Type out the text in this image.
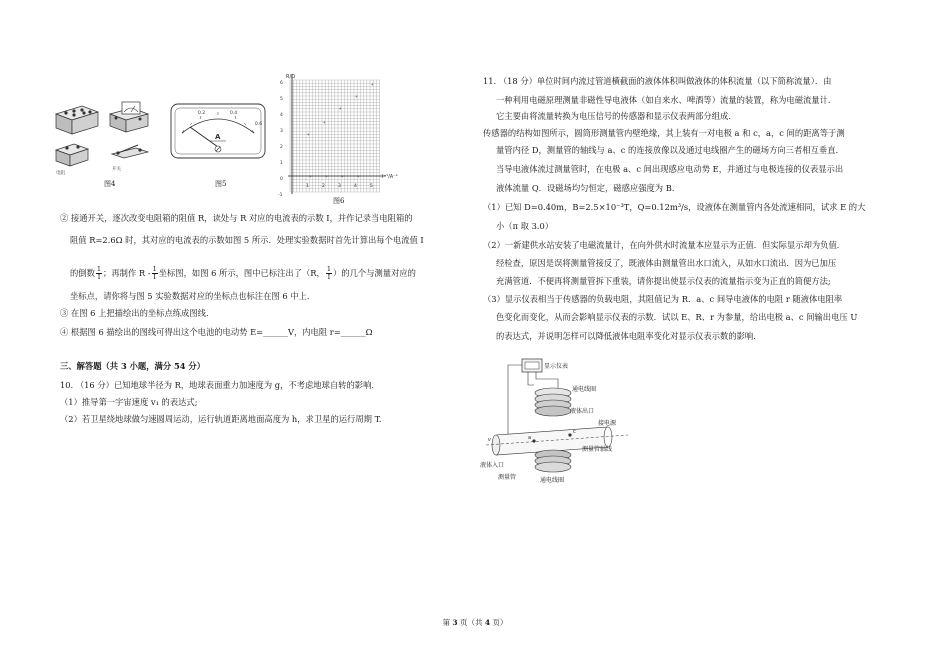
电阻
开关
图4
0.2	0.4
0.6
A
图5
+
+
+
+
+
+	+	+	+
R/Ω
I⁻¹/A⁻¹
6
5
4
3
2
1
0
-1
1	2	3	4	5
图6
② 接通开关，逐次改变电阻箱的阻值 R，读处与 R 对应的电流表的示数 I，并作记录当电阻箱的
阻值 R=2.6Ω 时，其对应的电流表的示数如图 5 所示．处理实验数据时首先计算出每个电流值 I
的倒数 $\frac{1}{I}$ ；再制作 R - $\frac{1}{I}$ 坐标图，如图 6 所示，图中已标注出了（R， $\frac{1}{I}$ ）的几个与测量对应的
坐标点，请你将与图 5 实验数据对应的坐标点也标注在图 6 中上.
③ 在图 6 上把描绘出的坐标点练成图线.
④ 根据图 6 描绘出的图线可得出这个电池的电动势 E=______V，内电阻 r=______Ω
三、解答题（共 3 小题，满分 54 分）
10. （16 分）已知地球半径为 R，地球表面重力加速度为 g，不考虑地球自转的影响.
（1）推导第一宇宙速度 v₁ 的表达式;
（2）若卫星绕地球做匀速圆周运动，运行轨道距离地面高度为 h，求卫星的运行周期 T.
11. （18 分）单位时间内流过管道横截面的液体体积叫做液体的体积流量（以下简称流量）．由
一种利用电磁原理测量非磁性导电液体（如自来水、啤酒等）流量的装置，称为电磁流量计.
它主要由将流量转换为电压信号的传感器和显示仪表两部分组成.
传感器的结构如图所示，圆筒形测量管内壁绝缘，其上装有一对电极 a 和 c，a，c 间的距离等于测
量管内径 D，测量管的轴线与 a、c 的连接放像以及通过电线圈产生的磁场方向三者相互垂直.
当导电液体流过测量管时，在电极 a、c 间出现感应电动势 E，并通过与电极连接的仪表显示出
液体流量 Q．设磁场均匀恒定，磁感应强度为 B.
（1）已知 D=0.40m，B=2.5×10⁻³T，Q=0.12m³/s，设液体在测量管内各处流速相同，试求 E 的大
小（π 取 3.0）
（2）一新建供水站安装了电磁流量计，在向外供水时流量本应显示为正值．但实际显示却为负值．
经检查，原因是误将测量管接反了，既液体由测量管出水口流入，从如水口流出．因为已加压
充满管道．不便再将测量管拆下重装，请你提出使显示仪表的流量指示变为正直的简便方法;
（3）显示仪表相当于传感器的负载电阻，其阻值记为 R．a、c 间导电液体的电阻 r 随液体电阻率
色变化而变化，从而会影响显示仪表的示数．试以 E、R、r 为参量，给出电极 a、c 间输出电压 U
的表达式，并说明怎样可以降低液体电阻率变化对显示仪表示数的影响.
显示仪表
通电线圈
液体出口
接电源
测量管轴线
液体入口
测量管	通电线圈
a
c
v
第 3 页（共 4 页）
